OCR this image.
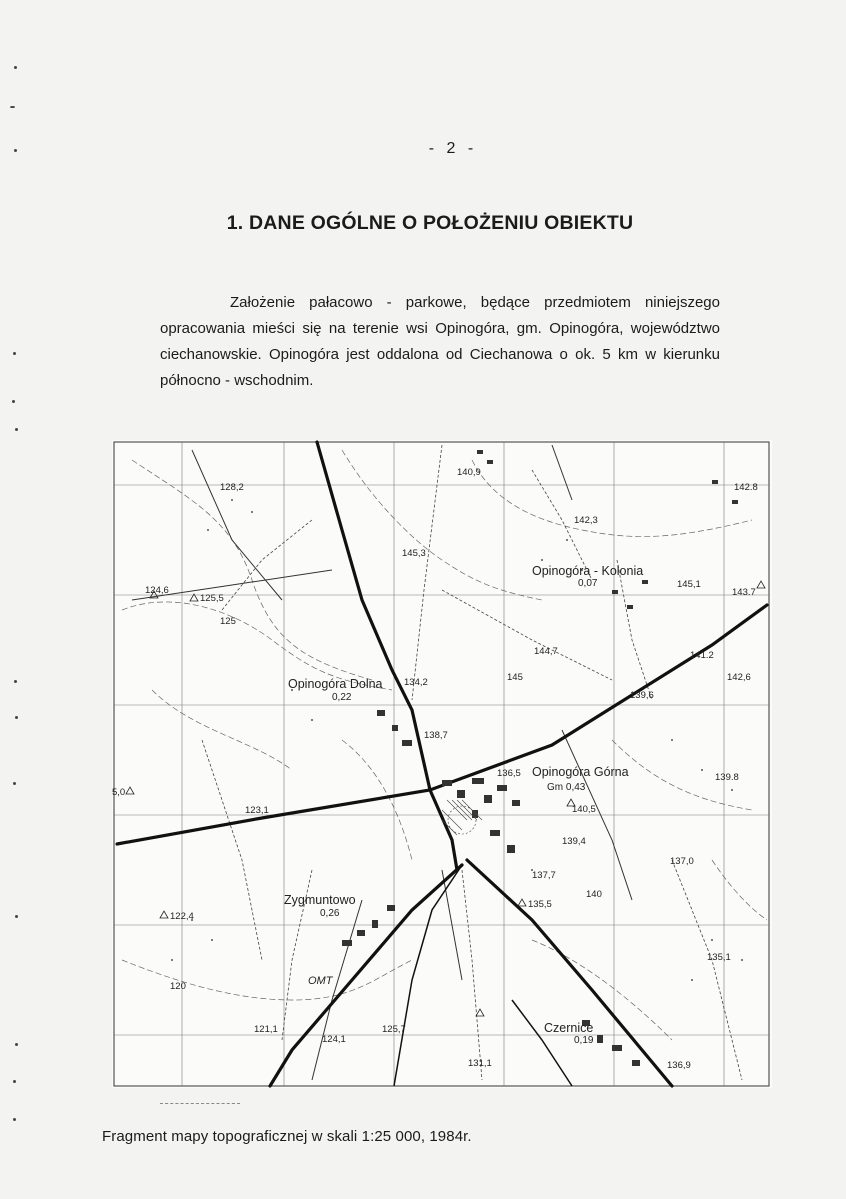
- 2 -
1. DANE OGÓLNE O POŁOŻENIU OBIEKTU

Założenie pałacowo - parkowe, będące przedmiotem niniejszego opracowania mieści się na terenie wsi Opinogóra, gm. Opinogóra, województwo ciechanowskie. Opinogóra jest oddalona od Ciechanowa o ok. 5 km w kierunku północno - wschodnim.

140,9
128,2	142.8
142,3
145,3
145,1
143.7
124,6
125,5
125
144,7	141.2
142,6
134,2	145
139,6
138,7
136,5	139.8
5,0
140,5
123,1
139,4
137,0
137,7
140
135,5
122,4
135,1
120
121,1	125,7
124,1
131,1	136,9
Opinogóra - Kolonia
0,07
Opinogóra Dolna
0,22
Opinogóra Górna
Gm 0,43
Zygmuntowo
0,26
Czernice
0,19
OMT
Fragment mapy topograficznej w skali 1:25 000, 1984r.
